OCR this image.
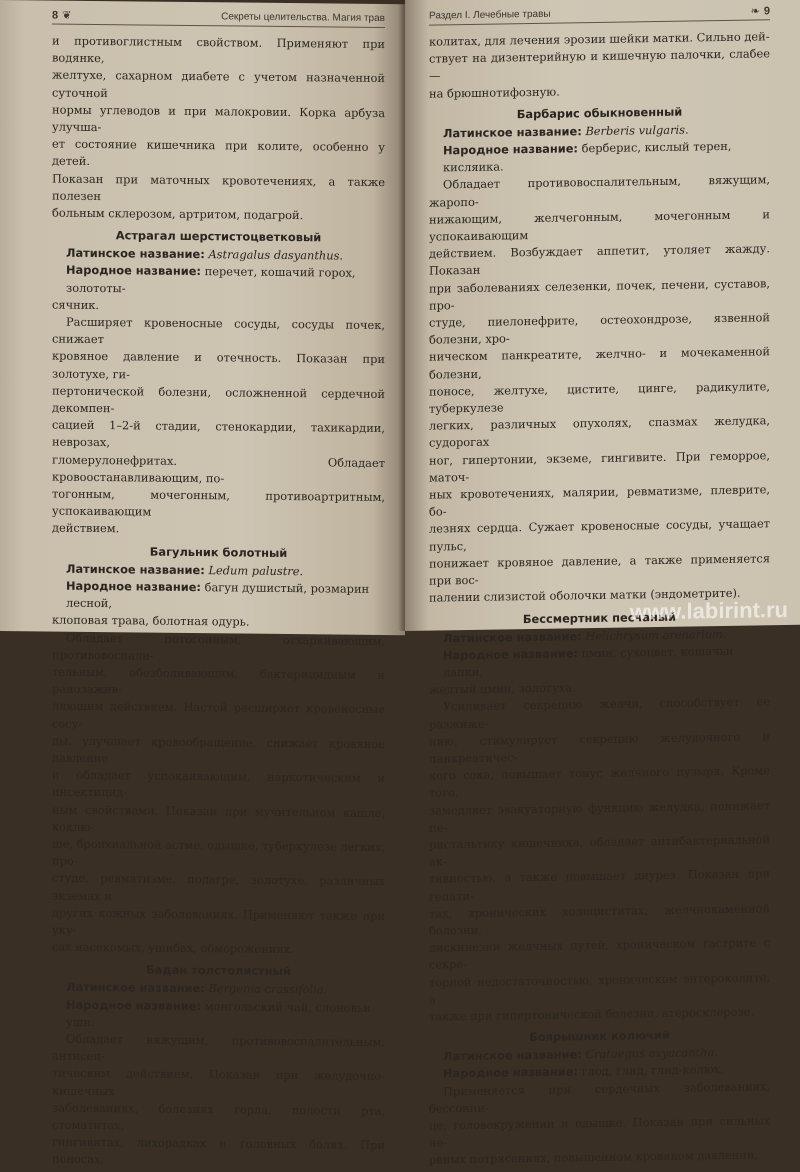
8 ❦	Секреты целительства. Магия трав

и противоглистным свойством. Применяют при водянке,
желтухе, сахарном диабете с учетом назначенной суточной
нормы углеводов и при малокровии. Корка арбуза улучша-
ет состояние кишечника при колите, особенно у детей.
Показан при маточных кровотечениях, а также полезен
больным склерозом, артритом, подагрой.

Астрагал шерстистоцветковый
Латинское название: Astragalus dasyanthus.
Народное название: перечет, кошачий горох, золототы-
сячник.

Расширяет кровеносные сосуды, сосуды почек, снижает
кровяное давление и отечность. Показан при золотухе, ги-
пертонической болезни, осложненной сердечной декомпен-
сацией 1–2-й стадии, стенокардии, тахикардии, неврозах,
гломерулонефритах. Обладает кровоостанавливающим, по-
тогонным, мочегонным, противоартритным, успокаивающим
действием.

Багульник болотный
Латинское название: Ledum palustre.
Народное название: багун душистый, розмарин лесной,
клоповая трава, болотная одурь.

Обладает потогонным, отхаркивающим, противовоспали-
тельным, обезболивающим, бактерицидным и ранозажив-
ляющим действием. Настой расширяет кровеносные сосу-
ды, улучшает кровообращение, снижает кровяное давление
и обладает успокаивающим, наркотическим и инсектицид-
ным свойствами. Показан при мучительном кашле, коклю-
ше, бронхиальной астме, одышке, туберкулезе легких, про-
студе, ревматизме, подагре, золотухе, различных экземах и
других кожных заболеваниях. Применяют также при уку-
сах насекомых, ушибах, обморожениях.

Бадан толстолистный
Латинское название: Bergenia crassifolia.
Народное название: монгольский чай, слоновьи уши.

Обладает вяжущим, противовоспалительным, антисеп-
тическим действием. Показан при желудочно-кишечных
заболеваниях, болезнях горла, полости рта, стоматитах,
гингивитах, лихорадках и головных болях. При поносах,

Раздел I. Лечебные травы	❧ 9

колитах, для лечения эрозии шейки матки. Сильно дей-
ствует на дизентерийную и кишечную палочки, слабее —
на брюшнотифозную.

Барбарис обыкновенный
Латинское название: Berberis vulgaris.
Народное название: берберис, кислый терен, кисляика.

Обладает противовоспалительным, вяжущим, жаропо-
нижающим, желчегонным, мочегонным и успокаивающим
действием. Возбуждает аппетит, утоляет жажду. Показан
при заболеваниях селезенки, почек, печени, суставов, про-
студе, пиелонефрите, остеохондрозе, язвенной болезни, хро-
ническом панкреатите, желчно- и мочекаменной болезни,
поносе, желтухе, цистите, цинге, радикулите, туберкулезе
легких, различных опухолях, спазмах желудка, судорогах
ног, гипертонии, экземе, гингивите. При геморрое, маточ-
ных кровотечениях, малярии, ревматизме, плеврите, бо-
лезнях сердца. Сужает кровеносные сосуды, учащает пульс,
понижает кровяное давление, а также применяется при вос-
палении слизистой оболочки матки (эндометрите).

Бессмертник песчаный
Латинское название: Helichrysum arenarium.
Народное название: цмин, сухоцвет, кошачьи лапки,
желтый цмин, золотуха.

Усиливает секрецию желчи, способствует ее разжиже-
нию, стимулирует секрецию желудочного и панкреатичес-
кого сока, повышает тонус желчного пузыря. Кроме того,
замедляет эвакуаторную функцию желудка, понижает пе-
ристальтику кишечника, обладает антибактериальной ак-
тивностью, а также повышает диурез. Показан при гепати-
тах, хронических холециститах, желчнокаменной болезни,
дискинезии желчных путей, хроническом гастрите с секре-
торной недостаточностью, хроническом энтероколите, а
также при гипертонической болезни, атеросклерозе.

Боярышник колючий
Латинское название: Crataegus oxyacantha.
Народное название: глод, глид, глид-колюх.

Применяется при сердечных заболеваниях, бессонни-
це, головокружении и одышке. Показан при сильных не-
рвных потрясениях, повышенном кровяном давлении,

www.labirint.ru
